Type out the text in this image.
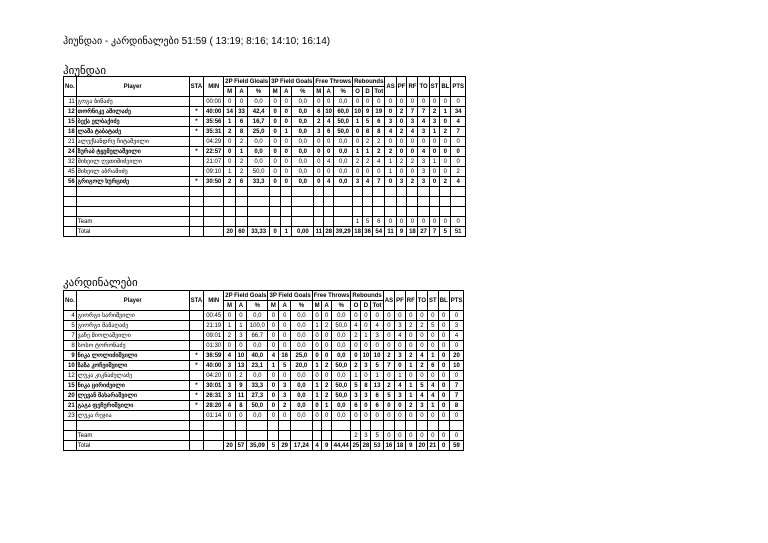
ჰიუნდაი - კარდინალები 51:59 ( 13:19; 8:16; 14:10; 16:14)
ჰიუნდაი
No.	Player	STA	MIN	2P Field Gloals			3P Field Goals			Free Throws			Rebounds			AS	PF	RF	TO	ST	BL	PTS
				M	A	%	M	A	%	M	A	%	O	D	Tot							
11	გოგა ბიწაძე		00:00	0	0	0,0	0	0	0,0	0	0	0,0	0	0	0	0	0	0	0	0	0	0
12	თორნიკე ამილაძე	*	40:00	14	33	42,4	0	0	0,0	6	10	60,0	10	9	19	0	2	7	7	2	1	34
15	ბექა ელბაქიძე	*	35:56	1	6	16,7	0	0	0,0	2	4	50,0	1	5	6	3	0	3	4	3	0	4
18	ლაშა ტაბატაძე	*	35:31	2	8	25,0	0	1	0,0	3	6	50,0	0	8	8	4	2	4	3	1	2	7
21	ალექსანდრე ჩიტაშვილი		04:29	0	2	0,0	0	0	0,0	0	0	0,0	0	2	2	0	0	0	0	0	0	0
24	ზურაბ ტყემელაშვილი	*	22:57	0	1	0,0	0	0	0,0	0	0	0,0	1	1	2	2	0	0	4	0	0	0
32	მიხეილ ღვთიშიძეილი		21:07	0	2	0,0	0	0	0,0	0	4	0,0	2	2	4	1	2	2	3	1	0	0
45	მიხეილ აბრამიძე		09:10	1	2	50,0	0	0	0,0	0	0	0,0	0	0	0	1	0	0	3	0	0	2
56	გრიგოლ ხურციძე	*	30:50	2	6	33,3	0	0	0,0	0	4	0,0	3	4	7	0	3	2	3	0	2	4

	Team												1	5	6	0	0	0	0	0	0	0
	Total			20	60	33,33	0	1	0,00	11	28	39,29	18	36	54	11	9	18	27	7	5	51
კარდინალები
No.	Player	STA	MIN	2P Field Goals			3P Field Goals			Free Throws			Rebounds			AS	PF	RF	TO	ST	BL	PTS
				M	A	%	M	A	%	M	A	%	O	D	Tot							
4	გიორგი სარიშვილი		00:45	0	0	0,0	0	0	0,0	0	0	0,0	0	0	0	0	0	0	0	0	0	0
5	გიორგი მამაღაძე		21:19	1	1	100,0	0	0	0,0	1	2	50,0	4	0	4	0	3	2	2	5	0	3
7	ვაჩე მიოლაშვილი		09:01	2	3	66,7	0	0	0,0	0	0	0,0	2	1	3	0	4	0	0	0	0	4
8	სოსო ტორონაძე		01:30	0	0	0,0	0	0	0,0	0	0	0,0	0	0	0	0	0	0	0	0	0	0
9	ნიკა ლოლიძიშვილი	*	36:59	4	10	40,0	4	16	25,0	0	0	0,0	0	10	10	2	3	2	4	1	0	20
10	ზაზა კოჩეიშვილი	*	40:00	3	13	23,1	1	5	20,0	1	2	50,0	2	3	5	7	0	1	2	6	0	10
12	ლუკა კიკნაძელაძე		04:20	0	2	0,0	0	0	0,0	0	0	0,0	1	0	1	0	1	0	0	0	0	0
15	ნიკა ცირიძეილი	*	30:01	3	9	33,3	0	3	0,0	1	2	50,0	5	8	13	2	4	1	5	4	0	7
20	ლევან მახარაშვილი	*	26:31	3	11	27,3	0	3	0,0	1	2	50,0	3	3	6	5	3	1	4	4	0	7
21	გაგა ფეჩურიშვილი	*	28:20	4	8	50,0	0	2	0,0	0	1	0,0	6	0	6	0	0	2	3	1	0	8
23	ლუკა რეჯია		01:14	0	0	0,0	0	0	0,0	0	0	0,0	0	0	0	0	0	0	0	0	0	0

	Team												2	3	5	0	0	0	0	0	0	0
	Total			20	57	35,09	5	29	17,24	4	9	44,44	25	28	53	16	18	9	20	21	0	59
